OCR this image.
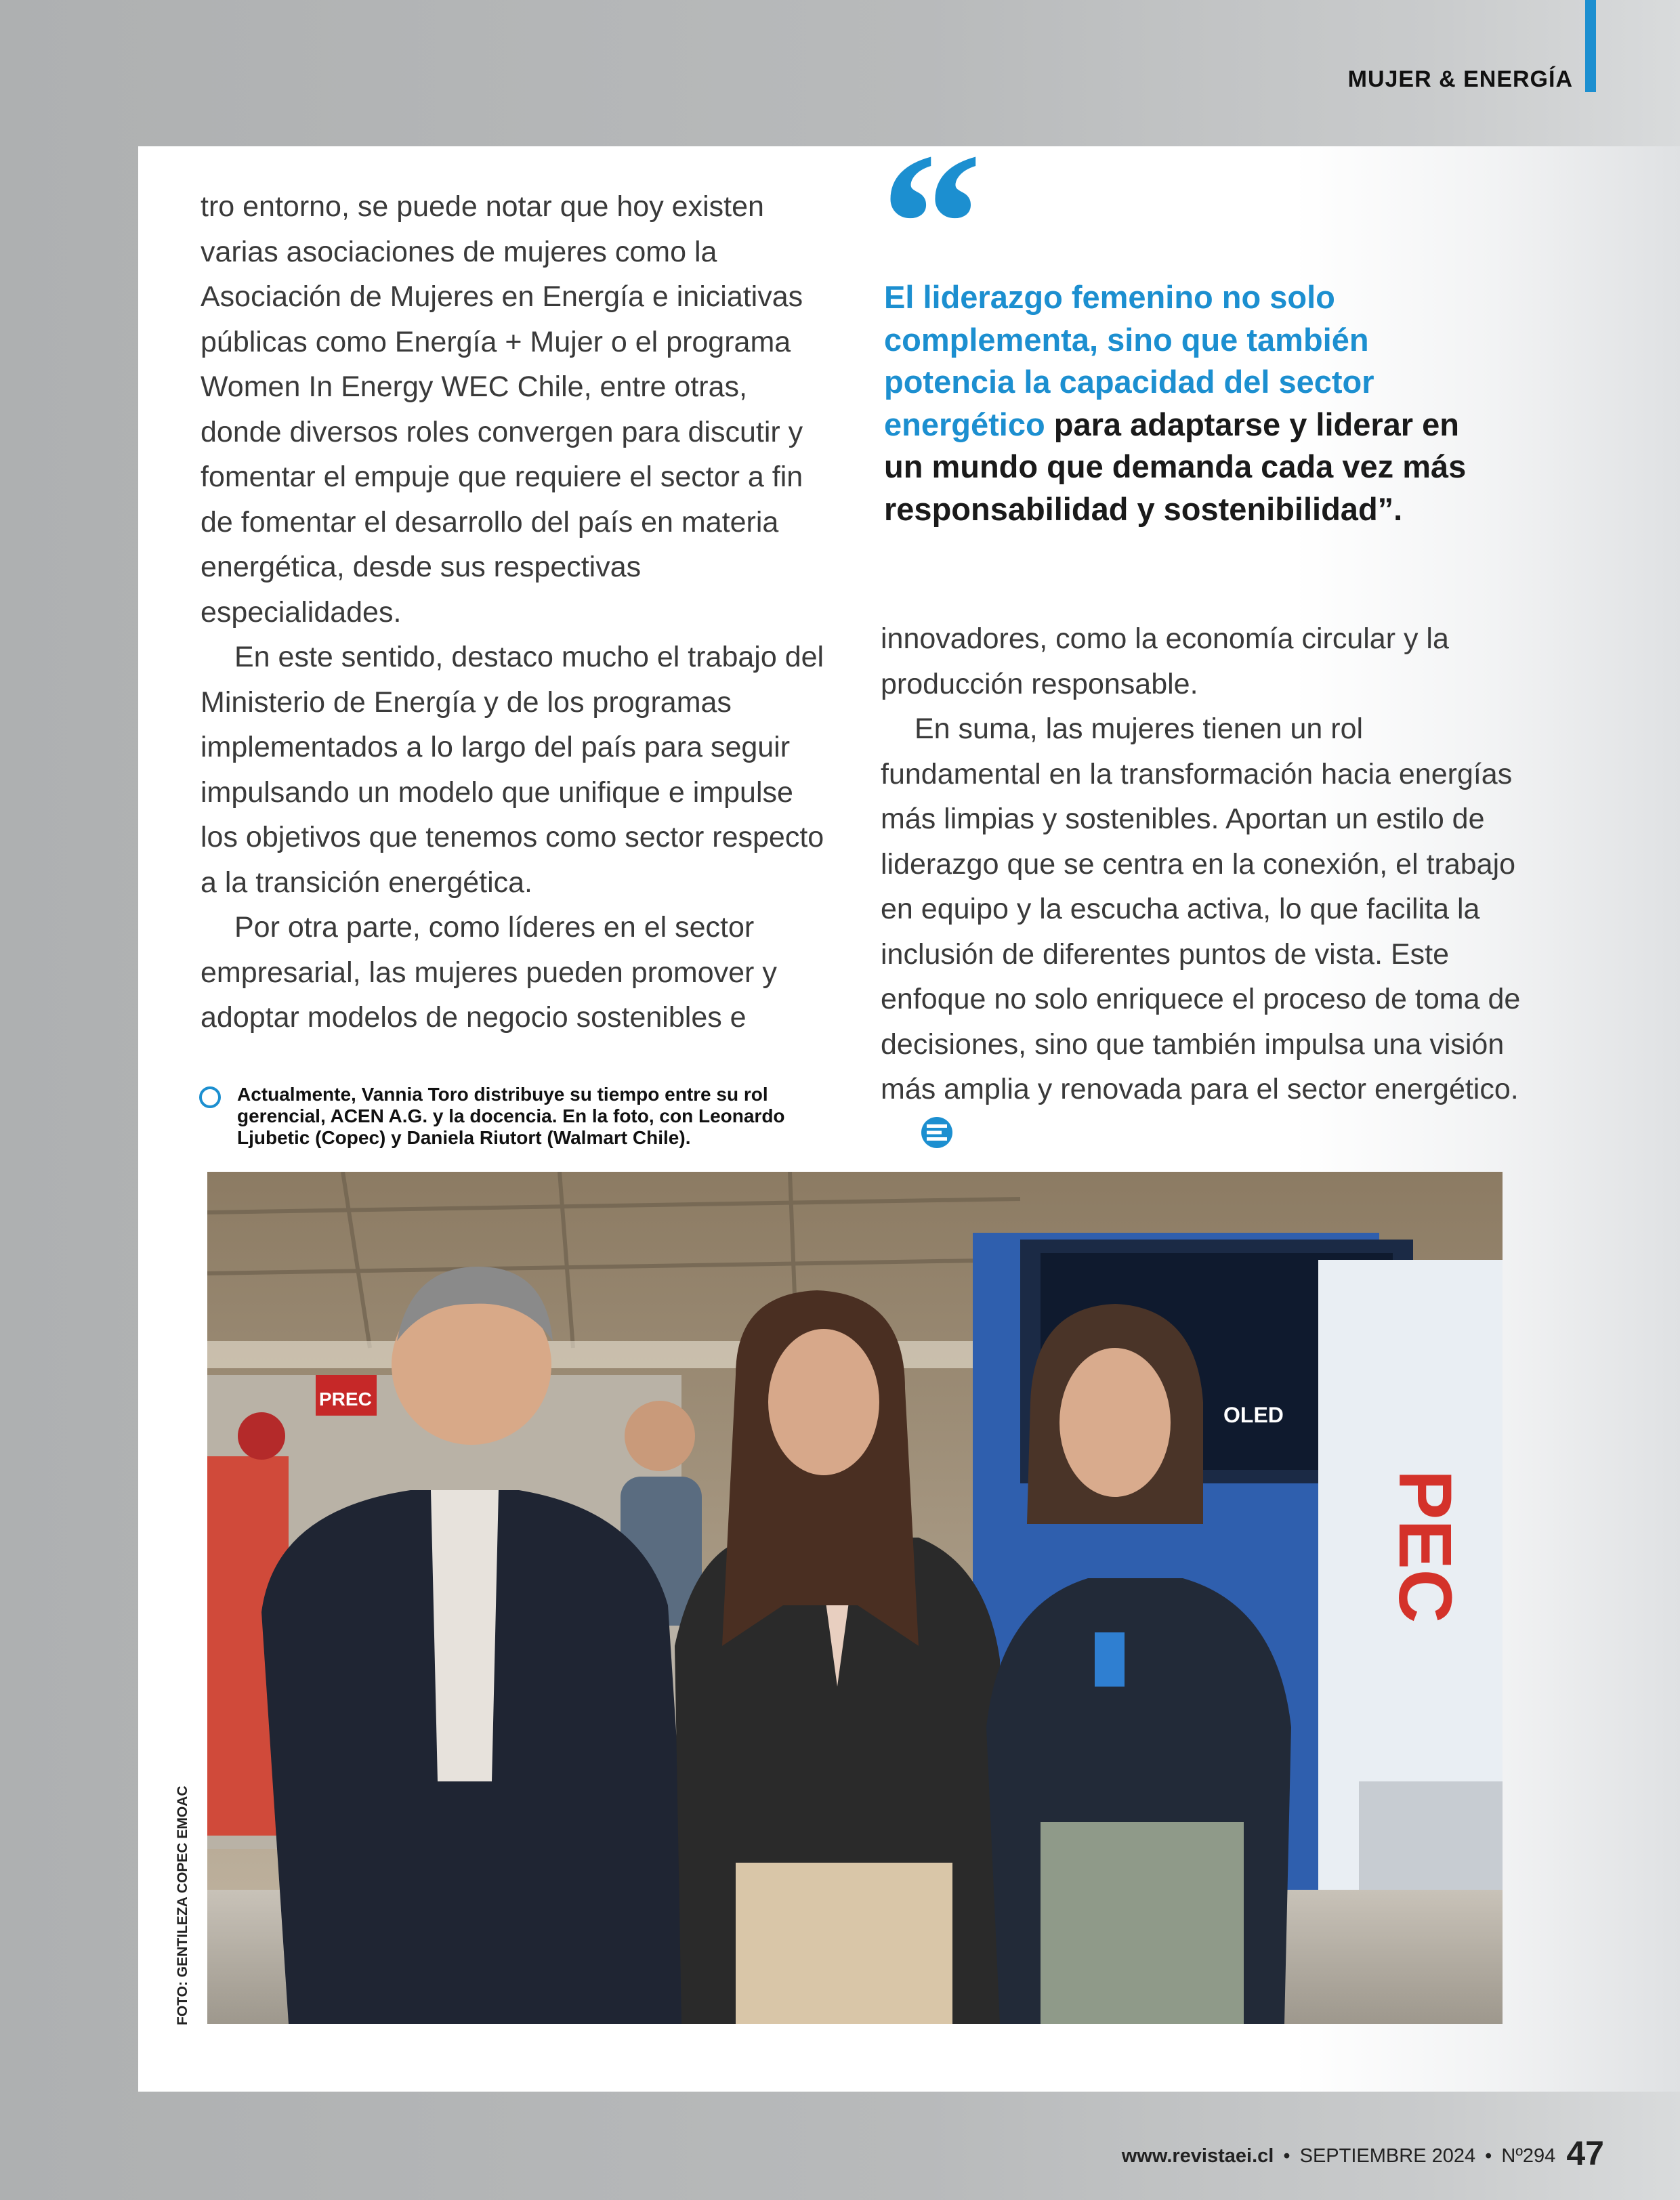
MUJER & ENERGÍA

tro entorno, se puede notar que hoy existen varias asociaciones de mujeres como la Asociación de Mujeres en Energía e iniciativas públicas como Energía + Mujer o el programa Women In Energy WEC Chile, entre otras, donde diversos roles convergen para discutir y fomentar el empuje que requiere el sector a fin de fomentar el desarrollo del país en materia energética, desde sus respectivas especialidades.

En este sentido, destaco mucho el trabajo del Ministerio de Energía y de los programas implementados a lo largo del país para seguir impulsando un modelo que unifique e impulse los objetivos que tenemos como sector respecto a la transición energética.

Por otra parte, como líderes en el sector empresarial, las mujeres pueden promover y adoptar modelos de negocio sostenibles e

“
El liderazgo femenino no solo complementa, sino que también potencia la capacidad del sector energético para adaptarse y liderar en un mundo que demanda cada vez más responsabilidad y sostenibilidad”.

innovadores, como la economía circular y la producción responsable.

En suma, las mujeres tienen un rol fundamental en la transformación hacia energías más limpias y sostenibles. Aportan un estilo de liderazgo que se centra en la conexión, el trabajo en equipo y la escucha activa, lo que facilita la inclusión de diferentes puntos de vista. Este enfoque no solo enriquece el proceso de toma de decisiones, sino que también impulsa una visión más amplia y renovada para el sector energético.

Actualmente, Vannia Toro distribuye su tiempo entre su rol gerencial, ACEN A.G. y la docencia. En la foto, con Leonardo Ljubetic (Copec) y Daniela Riutort (Walmart Chile).
PREC
OLED
PEC
FOTO: GENTILEZA COPEC EMOAC
www.revistaei.cl • SEPTIEMBRE 2024 • Nº294 47
